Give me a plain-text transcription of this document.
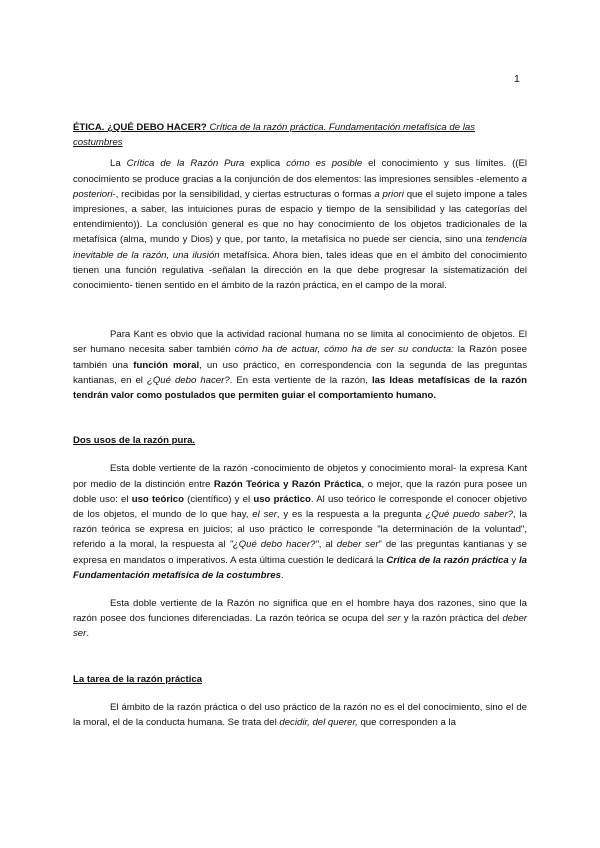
1

ÉTICA. ¿QUÉ DEBO HACER? Crítica de la razón práctica. Fundamentación metafísica de las costumbres

La Crítica de la Razón Pura explica cómo es posible el conocimiento y sus límites. ((El conocimiento se produce gracias a la conjunción de dos elementos: las impresiones sensibles -elemento a posteriori-, recibidas por la sensibilidad, y ciertas estructuras o formas a priori que el sujeto impone a tales impresiones, a saber, las intuiciones puras de espacio y tiempo de la sensibilidad y las categorías del entendimiento)). La conclusión general es que no hay conocimiento de los objetos tradicionales de la metafísica (alma, mundo y Dios) y que, por tanto, la metafísica no puede ser ciencia, sino una tendencia inevitable de la razón, una ilusión metafísica. Ahora bien, tales ideas que en el ámbito del conocimiento tienen una función regulativa -señalan la dirección en la que debe progresar la sistematización del conocimiento- tienen sentido en el ámbito de la razón práctica, en el campo de la moral.

Para Kant es obvio que la actividad racional humana no se limita al conocimiento de objetos. El ser humano necesita saber también cómo ha de actuar, cómo ha de ser su conducta: la Razón posee también una función moral, un uso práctico, en correspondencia con la segunda de las preguntas kantianas, en el ¿Qué debo hacer?. En esta vertiente de la razón, las Ideas metafísicas de la razón tendrán valor como postulados que permiten guiar el comportamiento humano.

Dos usos de la razón pura.

Esta doble vertiente de la razón -conocimiento de objetos y conocimiento moral- la expresa Kant por medio de la distinción entre Razón Teórica y Razón Práctica, o mejor, que la razón pura posee un doble uso: el uso teórico (científico) y el uso práctico. Al uso teórico le corresponde el conocer objetivo de los objetos, el mundo de lo que hay, el ser, y es la respuesta a la pregunta ¿Qué puedo saber?, la razón teórica se expresa en juicios; al uso práctico le corresponde "la determinación de la voluntad", referido a la moral, la respuesta al "¿Qué debo hacer?", al deber ser" de las preguntas kantianas y se expresa en mandatos o imperativos. A esta última cuestión le dedicará la Crítica de la razón práctica y la Fundamentación metafísica de la costumbres.

Esta doble vertiente de la Razón no significa que en el hombre haya dos razones, sino que la razón posee dos funciones diferenciadas. La razón teórica se ocupa del ser y la razón práctica del deber ser.

La tarea de la razón práctica

El ámbito de la razón práctica o del uso práctico de la razón no es el del conocimiento, sino el de la moral, el de la conducta humana. Se trata del decidir, del querer, que corresponden a la
